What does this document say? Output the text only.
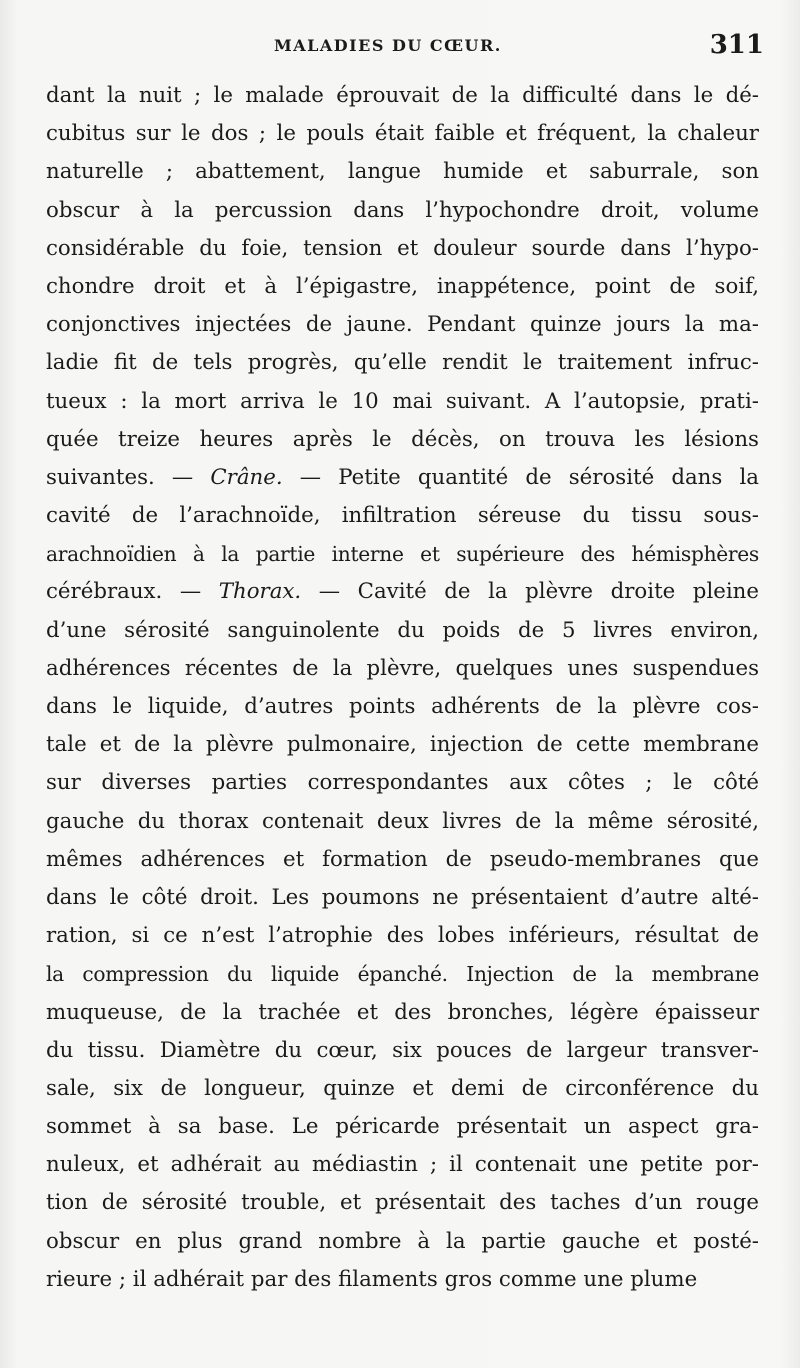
MALADIES DU CŒUR.	311
dant la nuit ; le malade éprouvait de la difficulté dans le dé-
cubitus sur le dos ; le pouls était faible et fréquent, la chaleur
naturelle ; abattement, langue humide et saburrale, son
obscur à la percussion dans l’hypochondre droit, volume
considérable du foie, tension et douleur sourde dans l’hypo-
chondre droit et à l’épigastre, inappétence, point de soif,
conjonctives injectées de jaune. Pendant quinze jours la ma-
ladie fit de tels progrès, qu’elle rendit le traitement infruc-
tueux : la mort arriva le 10 mai suivant. A l’autopsie, prati-
quée treize heures après le décès, on trouva les lésions
suivantes. — Crâne. — Petite quantité de sérosité dans la
cavité de l’arachnoïde, infiltration séreuse du tissu sous-
arachnoïdien à la partie interne et supérieure des hémisphères
cérébraux. — Thorax. — Cavité de la plèvre droite pleine
d’une sérosité sanguinolente du poids de 5 livres environ,
adhérences récentes de la plèvre, quelques unes suspendues
dans le liquide, d’autres points adhérents de la plèvre cos-
tale et de la plèvre pulmonaire, injection de cette membrane
sur diverses parties correspondantes aux côtes ; le côté
gauche du thorax contenait deux livres de la même sérosité,
mêmes adhérences et formation de pseudo-membranes que
dans le côté droit. Les poumons ne présentaient d’autre alté-
ration, si ce n’est l’atrophie des lobes inférieurs, résultat de
la compression du liquide épanché. Injection de la membrane
muqueuse, de la trachée et des bronches, légère épaisseur
du tissu. Diamètre du cœur, six pouces de largeur transver-
sale, six de longueur, quinze et demi de circonférence du
sommet à sa base. Le péricarde présentait un aspect gra-
nuleux, et adhérait au médiastin ; il contenait une petite por-
tion de sérosité trouble, et présentait des taches d’un rouge
obscur en plus grand nombre à la partie gauche et posté-
rieure ; il adhérait par des filaments gros comme une plume
